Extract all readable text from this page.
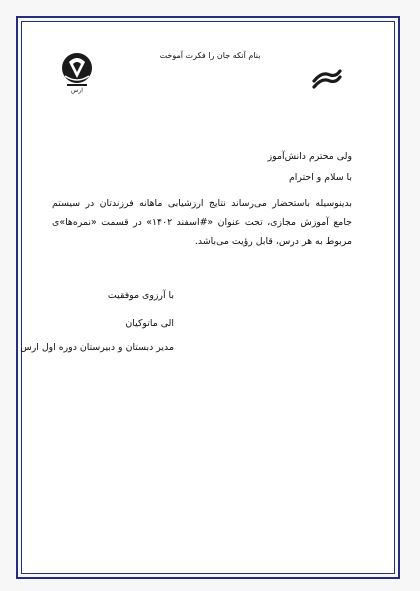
بنام آنکه جان را فکرت آموخت
ارس
ولی محترم دانش‌آموز
با سلام و احترام
بدینوسیله باستحضار می‌رساند نتایج ارزشیابی ماهانه فرزندتان در سیستم جامع آموزش مجازی، تحت عنوان «#اسفند ۱۴۰۲» در قسمت «نمره‌ها»ی مربوط به هر درس، قابل رؤیت می‌باشد.
با آرزوی موفقیت
الی ماتوکیان
مدیر دبستان و دبیرستان دوره اول ارس
